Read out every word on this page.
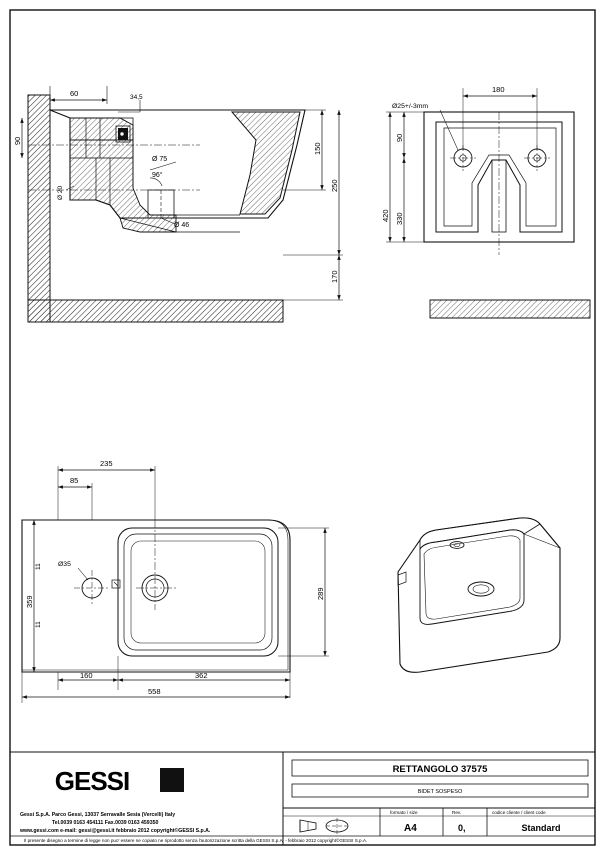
60	34,5
90
150
250
170
Ø 75
96°
Ø 46
Ø 20
180
Ø25+/-3mm
90
420 330
235
85
160	362
558
359
289
Ø35
11
11
RETTANGOLO 37575
BIDET SOSPESO
formato / size
A4
Rev.
0,
codice cliente / client code
Standard
GESSI
Gessi S.p.A. Parco Gessi, 13037 Serravalle Sesia (Vercelli) Italy
Tel.0039 0163 454111 Fax.0039 0163 459350
www.gessi.com e-mail: gessi@gessi.it febbraio 2012 copyright©GESSI S.p.A.
Il presente disegno a termine di legge non puo' essere ne copiato ne riprodotto senza l'autorizzazione scritta della GESSI S.p.A. - febbraio 2012 copyright©GESSI S.p.A.
